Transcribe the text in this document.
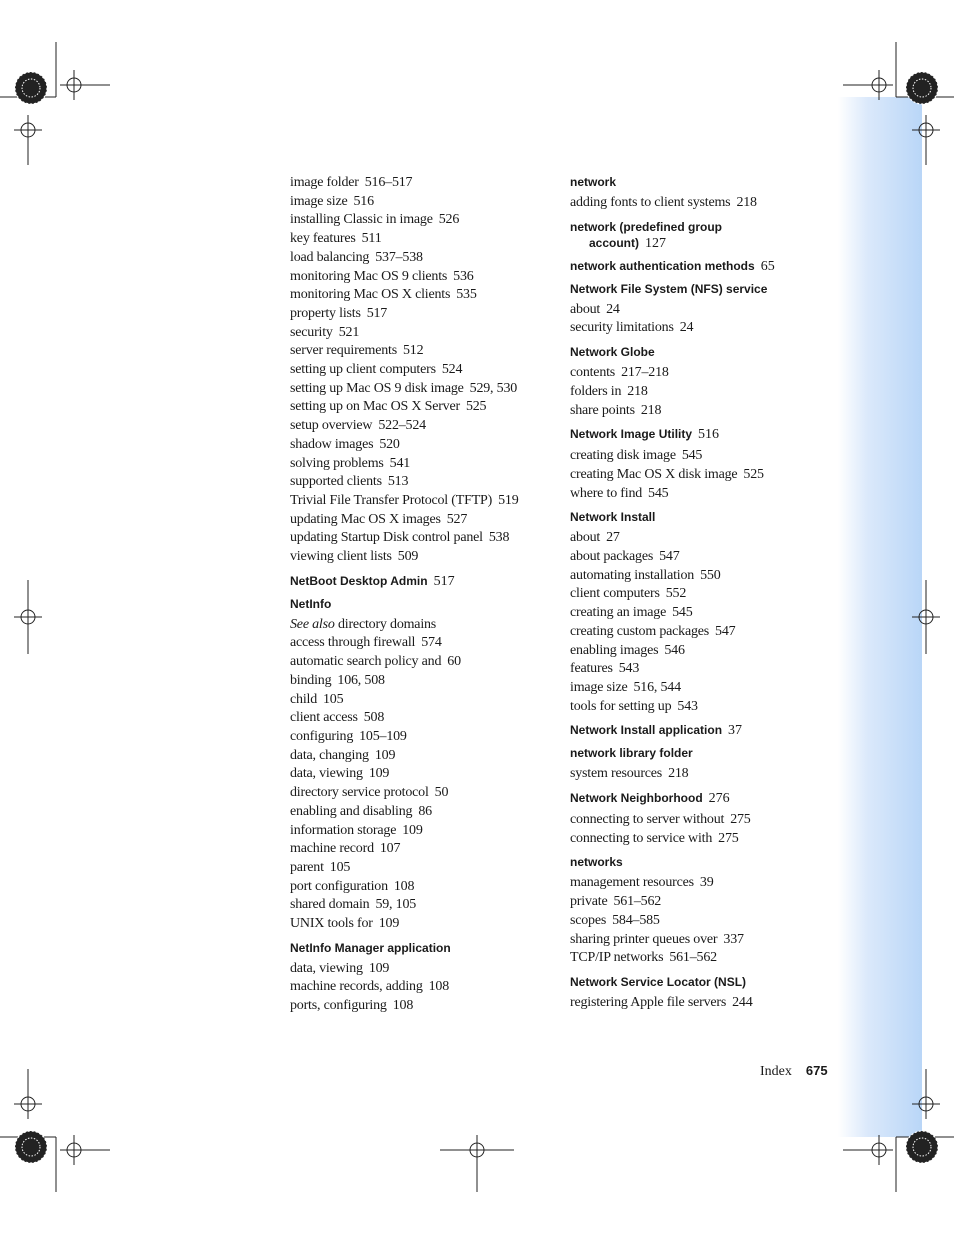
image folder 516–517
image size 516
installing Classic in image 526
key features 511
load balancing 537–538
monitoring Mac OS 9 clients 536
monitoring Mac OS X clients 535
property lists 517
security 521
server requirements 512
setting up client computers 524
setting up Mac OS 9 disk image 529, 530
setting up on Mac OS X Server 525
setup overview 522–524
shadow images 520
solving problems 541
supported clients 513
Trivial File Transfer Protocol (TFTP) 519
updating Mac OS X images 527
updating Startup Disk control panel 538
viewing client lists 509
NetBoot Desktop Admin 517
NetInfo
See also directory domains
access through firewall 574
automatic search policy and 60
binding 106, 508
child 105
client access 508
configuring 105–109
data, changing 109
data, viewing 109
directory service protocol 50
enabling and disabling 86
information storage 109
machine record 107
parent 105
port configuration 108
shared domain 59, 105
UNIX tools for 109
NetInfo Manager application
data, viewing 109
machine records, adding 108
ports, configuring 108
network
adding fonts to client systems 218
network (predefined group
account) 127
network authentication methods 65
Network File System (NFS) service
about 24
security limitations 24
Network Globe
contents 217–218
folders in 218
share points 218
Network Image Utility 516
creating disk image 545
creating Mac OS X disk image 525
where to find 545
Network Install
about 27
about packages 547
automating installation 550
client computers 552
creating an image 545
creating custom packages 547
enabling images 546
features 543
image size 516, 544
tools for setting up 543
Network Install application 37
network library folder
system resources 218
Network Neighborhood 276
connecting to server without 275
connecting to service with 275
networks
management resources 39
private 561–562
scopes 584–585
sharing printer queues over 337
TCP/IP networks 561–562
Network Service Locator (NSL)
registering Apple file servers 244
Index 675
